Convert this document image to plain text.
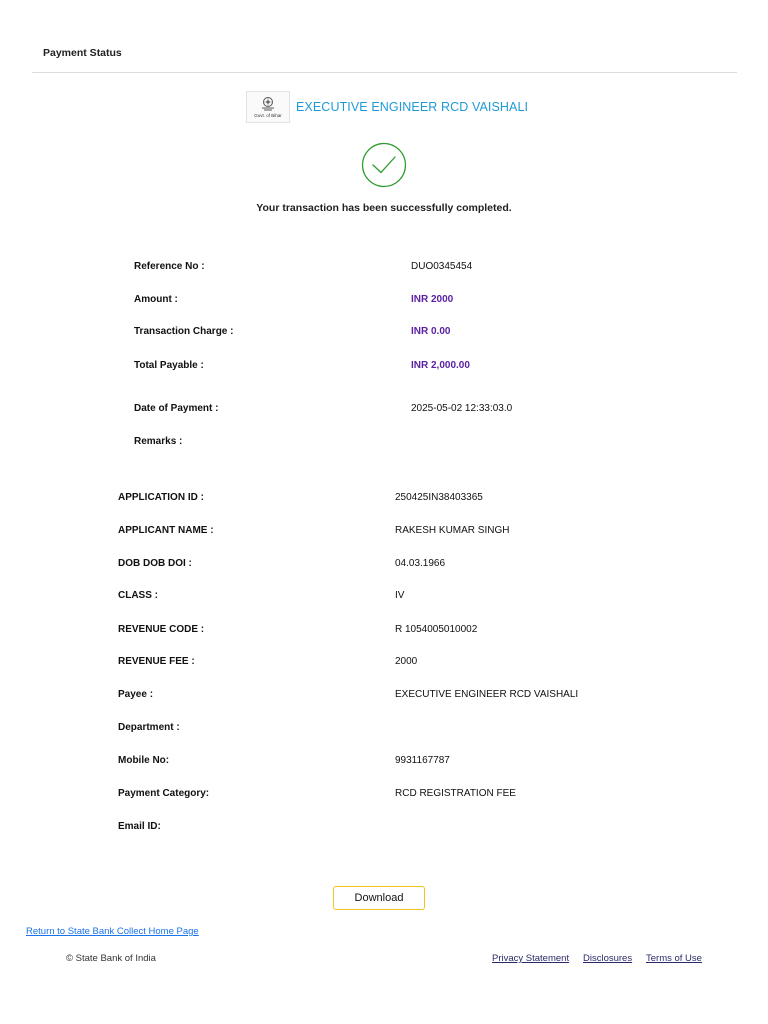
Payment Status
Govt. of Bihar
EXECUTIVE ENGINEER RCD VAISHALI
Your transaction has been successfully completed.
Reference No :	DUO0345454
Amount :	INR 2000
Transaction Charge :	INR 0.00
Total Payable :	INR 2,000.00
Date of Payment :	2025-05-02 12:33:03.0
Remarks :
APPLICATION ID :	250425IN38403365
APPLICANT NAME :	RAKESH KUMAR SINGH
DOB DOB DOI :	04.03.1966
CLASS :	IV
REVENUE CODE :	R 1054005010002
REVENUE FEE :	2000
Payee :	EXECUTIVE ENGINEER RCD VAISHALI
Department :
Mobile No:	9931167787
Payment Category:	RCD REGISTRATION FEE
Email ID:
Download
Return to State Bank Collect Home Page
© State Bank of India	Privacy Statement Disclosures Terms of Use
